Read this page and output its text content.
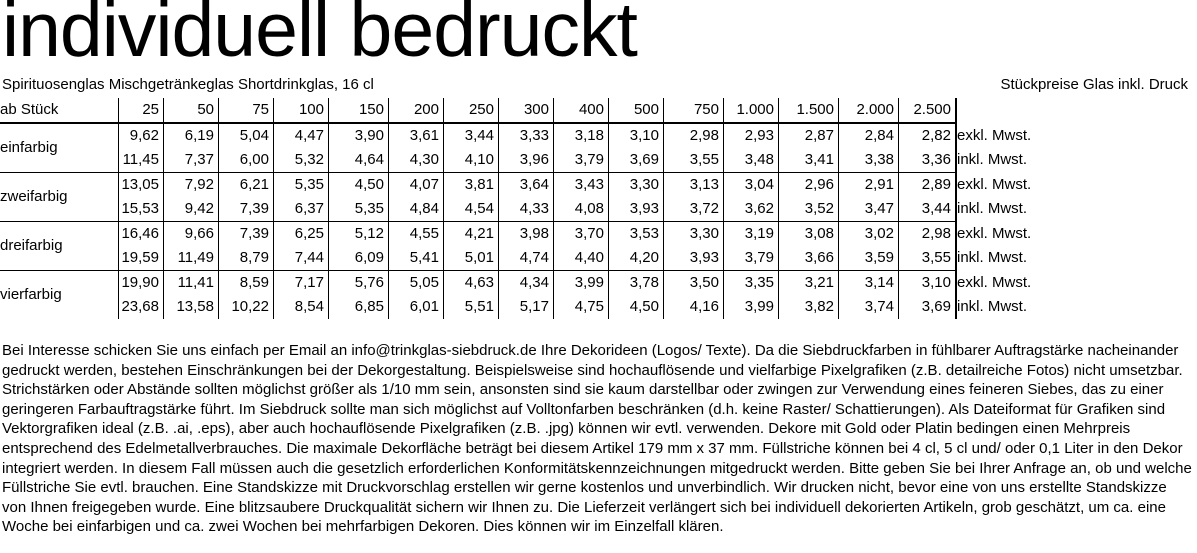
individuell bedruckt
Spirituosenglas Mischgetränkeglas Shortdrinkglas, 16 cl	Stückpreise Glas inkl. Druck
ab Stück	25	50	75	100	150	200	250	300	400	500	750	1.000	1.500	2.000	2.500	
einfarbig	9,62	6,19	5,04	4,47	3,90	3,61	3,44	3,33	3,18	3,10	2,98	2,93	2,87	2,84	2,82	exkl. Mwst.
	11,45	7,37	6,00	5,32	4,64	4,30	4,10	3,96	3,79	3,69	3,55	3,48	3,41	3,38	3,36	inkl. Mwst.
zweifarbig	13,05	7,92	6,21	5,35	4,50	4,07	3,81	3,64	3,43	3,30	3,13	3,04	2,96	2,91	2,89	exkl. Mwst.
	15,53	9,42	7,39	6,37	5,35	4,84	4,54	4,33	4,08	3,93	3,72	3,62	3,52	3,47	3,44	inkl. Mwst.
dreifarbig	16,46	9,66	7,39	6,25	5,12	4,55	4,21	3,98	3,70	3,53	3,30	3,19	3,08	3,02	2,98	exkl. Mwst.
	19,59	11,49	8,79	7,44	6,09	5,41	5,01	4,74	4,40	4,20	3,93	3,79	3,66	3,59	3,55	inkl. Mwst.
vierfarbig	19,90	11,41	8,59	7,17	5,76	5,05	4,63	4,34	3,99	3,78	3,50	3,35	3,21	3,14	3,10	exkl. Mwst.
	23,68	13,58	10,22	8,54	6,85	6,01	5,51	5,17	4,75	4,50	4,16	3,99	3,82	3,74	3,69	inkl. Mwst.
Bei Interesse schicken Sie uns einfach per Email an info@trinkglas-siebdruck.de Ihre Dekorideen (Logos/ Texte). Da die Siebdruckfarben in fühlbarer Auftragstärke nacheinander gedruckt werden, bestehen Einschränkungen bei der Dekorgestaltung. Beispielsweise sind hochauflösende und vielfarbige Pixelgrafiken (z.B. detailreiche Fotos) nicht umsetzbar. Strichstärken oder Abstände sollten möglichst größer als 1/10 mm sein, ansonsten sind sie kaum darstellbar oder zwingen zur Verwendung eines feineren Siebes, das zu einer geringeren Farbauftragstärke führt. Im Siebdruck sollte man sich möglichst auf Volltonfarben beschränken (d.h. keine Raster/ Schattierungen). Als Dateiformat für Grafiken sind Vektorgrafiken ideal (z.B. .ai, .eps), aber auch hochauflösende Pixelgrafiken (z.B. .jpg) können wir evtl. verwenden. Dekore mit Gold oder Platin bedingen einen Mehrpreis entsprechend des Edelmetallverbrauches. Die maximale Dekorfläche beträgt bei diesem Artikel 179 mm x 37 mm. Füllstriche können bei 4 cl, 5 cl und/ oder 0,1 Liter in den Dekor integriert werden. In diesem Fall müssen auch die gesetzlich erforderlichen Konformitätskennzeichnungen mitgedruckt werden. Bitte geben Sie bei Ihrer Anfrage an, ob und welche Füllstriche Sie evtl. brauchen. Eine Standskizze mit Druckvorschlag erstellen wir gerne kostenlos und unverbindlich. Wir drucken nicht, bevor eine von uns erstellte Standskizze von Ihnen freigegeben wurde. Eine blitzsaubere Druckqualität sichern wir Ihnen zu. Die Lieferzeit verlängert sich bei individuell dekorierten Artikeln, grob geschätzt, um ca. eine Woche bei einfarbigen und ca. zwei Wochen bei mehrfarbigen Dekoren. Dies können wir im Einzelfall klären.
